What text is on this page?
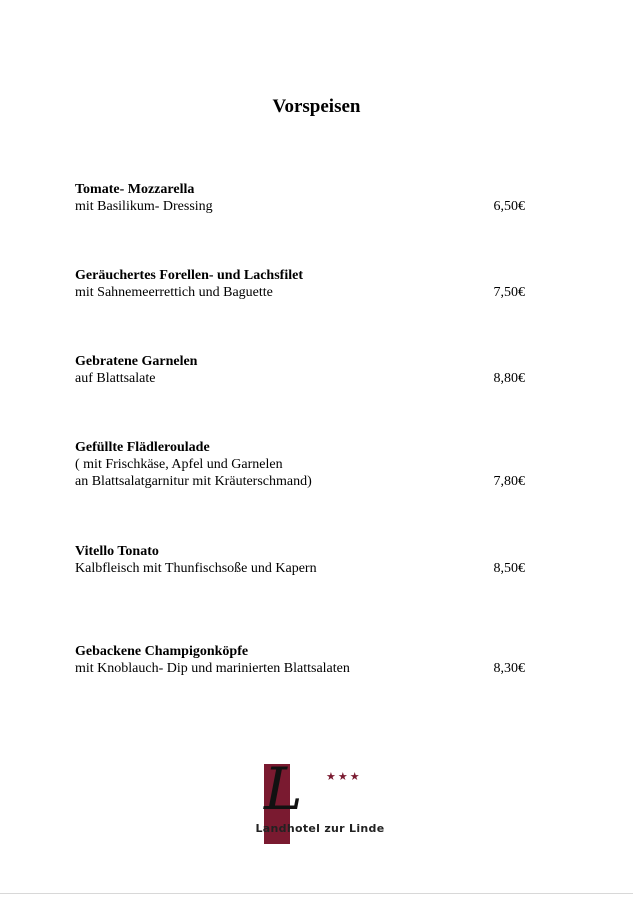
Vorspeisen
Tomate- Mozzarella
mit Basilikum- Dressing	6,50€
Geräuchertes Forellen- und Lachsfilet
mit Sahnemeerrettich und Baguette	7,50€
Gebratene Garnelen
auf Blattsalate	8,80€
Gefüllte Flädleroulade
( mit Frischkäse, Apfel und Garnelen
an Blattsalatgarnitur mit Kräuterschmand)	7,80€
Vitello Tonato
Kalbfleisch mit Thunfischsoße und Kapern	8,50€
Gebackene Champigonköpfe
mit Knoblauch- Dip und marinierten Blattsalaten	8,30€
L ★★★
Landhotel zur Linde
